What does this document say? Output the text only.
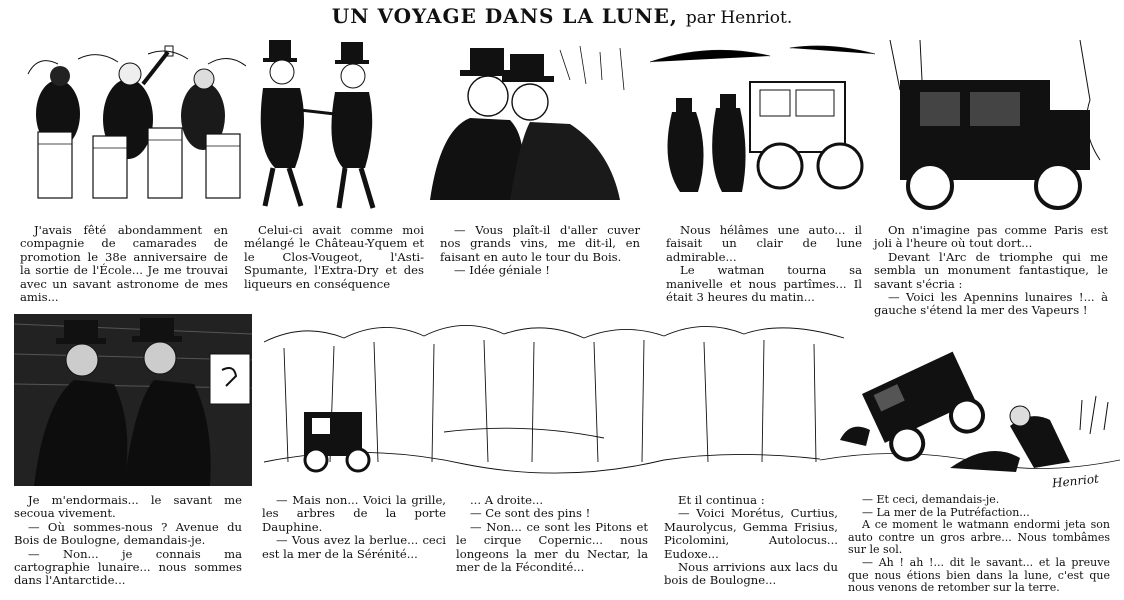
UN VOYAGE DANS LA LUNE, par Henriot.

J'avais fêté abondamment en compagnie de camarades de promotion le 38e anniversaire de la sortie de l'École... Je me trouvai avec un savant astronome de mes amis...

Celui-ci avait comme moi mélangé le Château-Yquem et le Clos-Vougeot, l'Asti-Spumante, l'Extra-Dry et des liqueurs en conséquence

— Vous plaît-il d'aller cuver nos grands vins, me dit-il, en faisant en auto le tour du Bois.

— Idée géniale !

Nous hélâmes une auto... il faisait un clair de lune admirable...

Le watman tourna sa manivelle et nous partîmes... Il était 3 heures du matin...

On n'imagine pas comme Paris est joli à l'heure où tout dort...

Devant l'Arc de triomphe qui me sembla un monument fantastique, le savant s'écria :

— Voici les Apennins lunaires !... à gauche s'étend la mer des Vapeurs !

Henriot

Je m'endormais... le savant me secoua vivement.

— Où sommes-nous ? Avenue du Bois de Boulogne, demandais-je.

— Non... je connais ma cartographie lunaire... nous sommes dans l'Antarctide...

— Mais non... Voici la grille, les arbres de la porte Dauphine.

— Vous avez la berlue... ceci est la mer de la Sérénité...

... A droite...

— Ce sont des pins !

— Non... ce sont les Pitons et le cirque Copernic... nous longeons la mer du Nectar, la mer de la Fécondité...

Et il continua :

— Voici Morétus, Curtius, Maurolycus, Gemma Frisius, Picolomini, Autolocus... Eudoxe...

Nous arrivions aux lacs du bois de Boulogne...

— Et ceci, demandais-je.

— La mer de la Putréfaction...

A ce moment le watmann endormi jeta son auto contre un gros arbre... Nous tombâmes sur le sol.

— Ah ! ah !... dit le savant... et la preuve que nous étions bien dans la lune, c'est que nous venons de retomber sur la terre.
